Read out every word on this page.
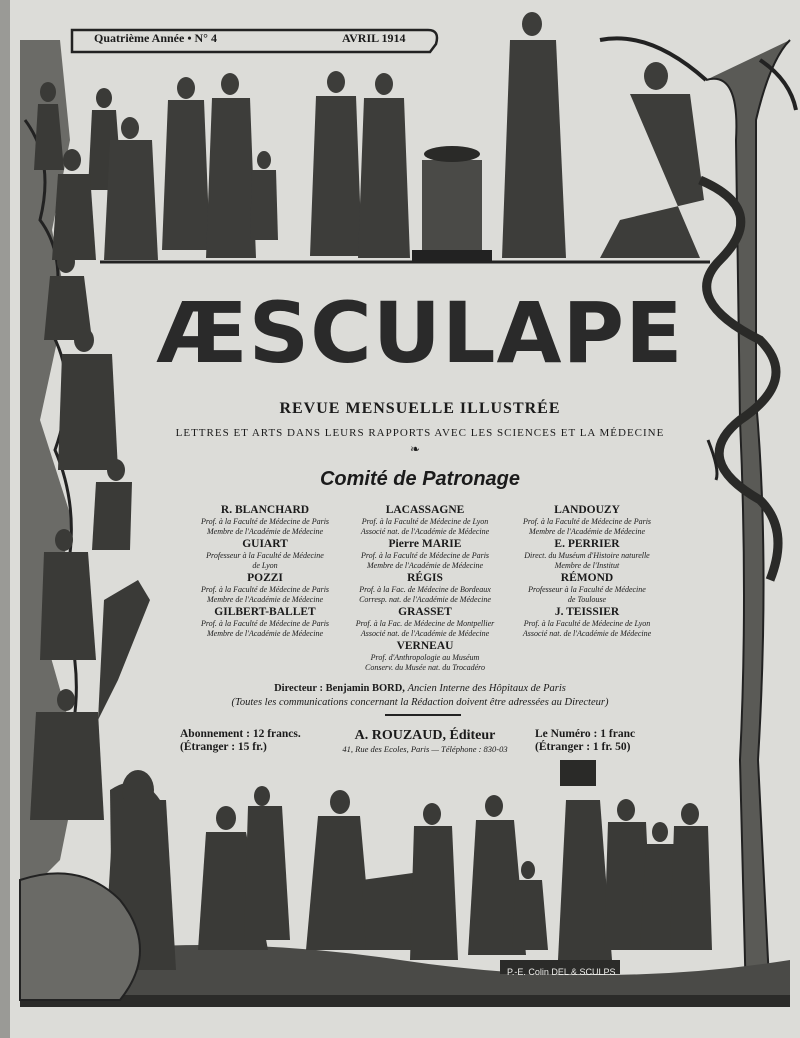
Quatrième Année • N° 4	AVRIL 1914
ÆSCULAPE
REVUE MENSUELLE ILLUSTRÉE
LETTRES ET ARTS DANS LEURS RAPPORTS AVEC LES SCIENCES ET LA MÉDECINE
❧
Comité de Patronage
R. BLANCHARD
Prof. à la Faculté de Médecine de Paris
Membre de l'Académie de Médecine
LACASSAGNE
Prof. à la Faculté de Médecine de Lyon
Associé nat. de l'Académie de Médecine
LANDOUZY
Prof. à la Faculté de Médecine de Paris
Membre de l'Académie de Médecine
GUIART
Professeur à la Faculté de Médecine
de Lyon
Pierre MARIE
Prof. à la Faculté de Médecine de Paris
Membre de l'Académie de Médecine
E. PERRIER
Direct. du Muséum d'Histoire naturelle
Membre de l'Institut
POZZI
Prof. à la Faculté de Médecine de Paris
Membre de l'Académie de Médecine
RÉGIS
Prof. à la Fac. de Médecine de Bordeaux
Corresp. nat. de l'Académie de Médecine
RÉMOND
Professeur à la Faculté de Médecine
de Toulouse
GILBERT-BALLET
Prof. à la Faculté de Médecine de Paris
Membre de l'Académie de Médecine
GRASSET
Prof. à la Fac. de Médecine de Montpellier
Associé nat. de l'Académie de Médecine
J. TEISSIER
Prof. à la Faculté de Médecine de Lyon
Associé nat. de l'Académie de Médecine
VERNEAU
Prof. d'Anthropologie au Muséum
Conserv. du Musée nat. du Trocadéro
Directeur : Benjamin BORD, Ancien Interne des Hôpitaux de Paris
(Toutes les communications concernant la Rédaction doivent être adressées au Directeur)
Abonnement : 12 francs.
(Étranger : 15 fr.)
A. ROUZAUD, Éditeur
41, Rue des Ecoles, Paris — Téléphone : 830-03
Le Numéro : 1 franc
(Étranger : 1 fr. 50)
P.-E. Colin DEL & SCULPS
